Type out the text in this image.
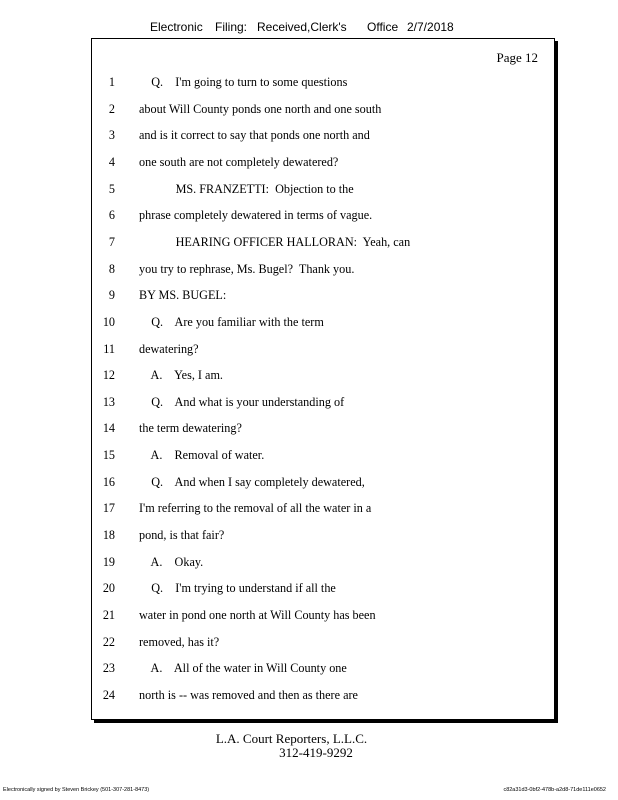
Electronic Filing: Received,Clerk's Office 2/7/2018
Page 12
1 Q.    I'm going to turn to some questions
2 about Will County ponds one north and one south
3 and is it correct to say that ponds one north and
4 one south are not completely dewatered?
5 MS. FRANZETTI:  Objection to the
6 phrase completely dewatered in terms of vague.
7 HEARING OFFICER HALLORAN:  Yeah, can
8 you try to rephrase, Ms. Bugel?  Thank you.
9 BY MS. BUGEL:
10 Q.    Are you familiar with the term
11 dewatering?
12 A.    Yes, I am.
13 Q.    And what is your understanding of
14 the term dewatering?
15 A.    Removal of water.
16 Q.    And when I say completely dewatered,
17 I'm referring to the removal of all the water in a
18 pond, is that fair?
19 A.    Okay.
20 Q.    I'm trying to understand if all the
21 water in pond one north at Will County has been
22 removed, has it?
23 A.    All of the water in Will County one
24 north is -- was removed and then as there are
L.A. Court Reporters, L.L.C.
312-419-9292
Electronically signed by Steven Brickey (501-307-281-8473)	c82a31d3-0bf2-478b-a2d8-71de111e0652
